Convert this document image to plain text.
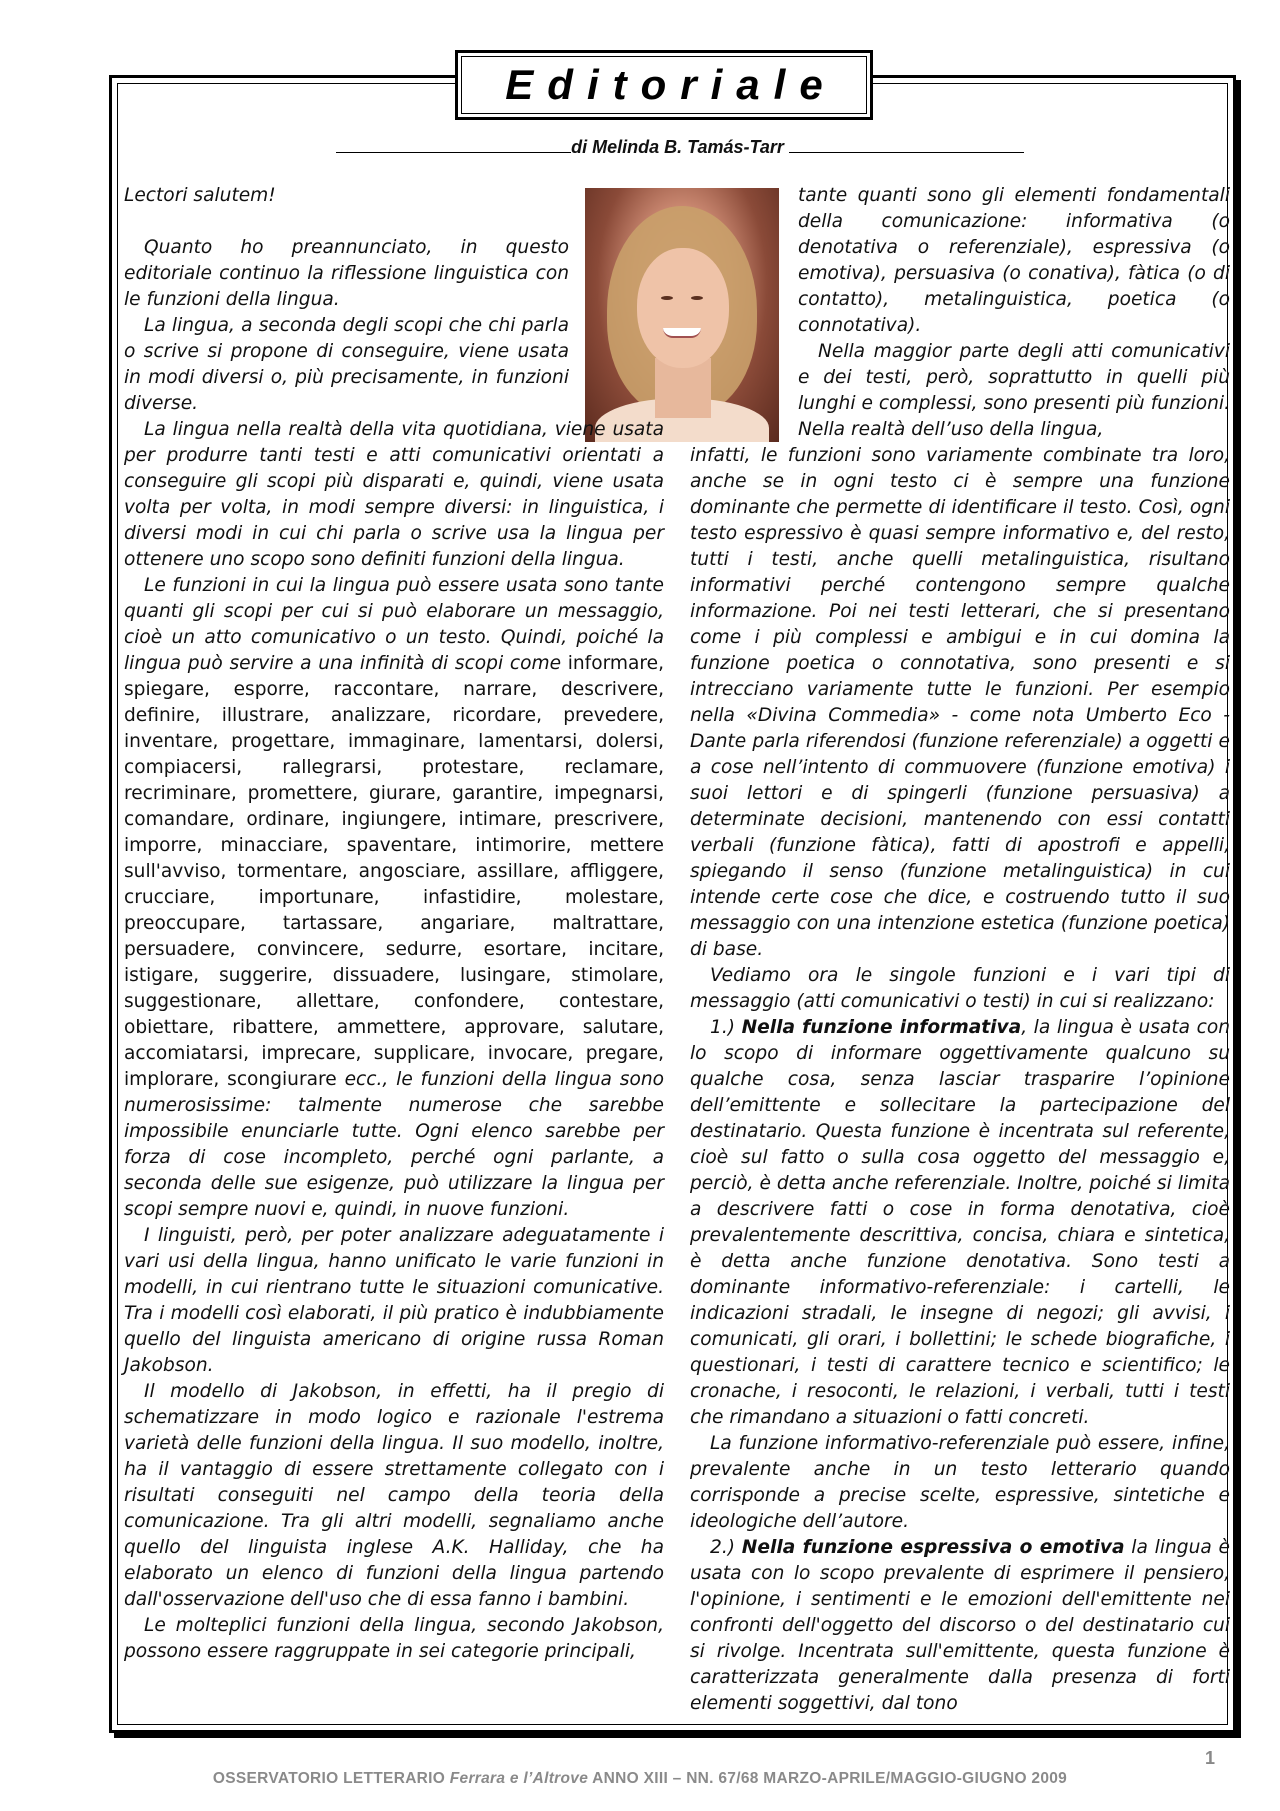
Editoriale
di Melinda B. Tamás-Tarr

Lectori salutem!

Quanto ho preannunciato, in questo editoriale continuo la riflessione linguistica con le funzioni della lingua.

La lingua, a seconda degli scopi che chi parla o scrive si propone di conseguire, viene usata in modi diversi o, più precisamente, in funzioni diverse.

La lingua nella realtà della vita quotidiana, viene usata per produrre tanti testi e atti comunicativi orientati a conseguire gli scopi più disparati e, quindi, viene usata volta per volta, in modi sempre diversi: in linguistica, i diversi modi in cui chi parla o scrive usa la lingua per ottenere uno scopo sono definiti funzioni della lingua.

Le funzioni in cui la lingua può essere usata sono tante quanti gli scopi per cui si può elaborare un messaggio, cioè un atto comunicativo o un testo. Quindi, poiché la lingua può servire a una infinità di scopi come informare, spiegare, esporre, raccontare, narrare, descrivere, definire, illustrare, analizzare, ricordare, prevedere, inventare, progettare, immaginare, lamentarsi, dolersi, compiacersi, rallegrarsi, protestare, reclamare, recriminare, promettere, giurare, garantire, impegnarsi, comandare, ordinare, ingiungere, intimare, prescrivere, imporre, minacciare, spaventare, intimorire, mettere sull'avviso, tormentare, angosciare, assillare, affliggere, crucciare, importunare, infastidire, molestare, preoccupare, tartassare, angariare, maltrattare, persuadere, convincere, sedurre, esortare, incitare, istigare, suggerire, dissuadere, lusingare, stimolare, suggestionare, allettare, confondere, contestare, obiettare, ribattere, ammettere, approvare, salutare, accomiatarsi, imprecare, supplicare, invocare, pregare, implorare, scongiurare ecc., le funzioni della lingua sono numerosissime: talmente numerose che sarebbe impossibile enunciarle tutte. Ogni elenco sarebbe per forza di cose incompleto, perché ogni parlante, a seconda delle sue esigenze, può utilizzare la lingua per scopi sempre nuovi e, quindi, in nuove funzioni.

I linguisti, però, per poter analizzare adeguatamente i vari usi della lingua, hanno unificato le varie funzioni in modelli, in cui rientrano tutte le situazioni comunicative. Tra i modelli così elaborati, il più pratico è indubbiamente quello del linguista americano di origine russa Roman Jakobson.

Il modello di Jakobson, in effetti, ha il pregio di schematizzare in modo logico e razionale l'estrema varietà delle funzioni della lingua. Il suo modello, inoltre, ha il vantaggio di essere strettamente collegato con i risultati conseguiti nel campo della teoria della comunicazione. Tra gli altri modelli, segnaliamo anche quello del linguista inglese A.K. Halliday, che ha elaborato un elenco di funzioni della lingua partendo dall'osservazione dell'uso che di essa fanno i bambini.

Le molteplici funzioni della lingua, secondo Jakobson, possono essere raggruppate in sei categorie principali,

tante quanti sono gli elementi fondamentali della comunicazione: informativa (o denotativa o referenziale), espressiva (o emotiva), persuasiva (o conativa), fàtica (o di contatto), metalinguistica, poetica (o connotativa).

Nella maggior parte degli atti comunicativi e dei testi, però, soprattutto in quelli più lunghi e complessi, sono presenti più funzioni. Nella realtà dell’uso della lingua,

infatti, le funzioni sono variamente combinate tra loro, anche se in ogni testo ci è sempre una funzione dominante che permette di identificare il testo. Così, ogni testo espressivo è quasi sempre informativo e, del resto, tutti i testi, anche quelli metalinguistica, risultano informativi perché contengono sempre qualche informazione. Poi nei testi letterari, che si presentano come i più complessi e ambigui e in cui domina la funzione poetica o connotativa, sono presenti e si intrecciano variamente tutte le funzioni. Per esempio nella «Divina Commedia» - come nota Umberto Eco - Dante parla riferendosi (funzione referenziale) a oggetti e a cose nell’intento di commuovere (funzione emotiva) i suoi lettori e di spingerli (funzione persuasiva) a determinate decisioni, mantenendo con essi contatti verbali (funzione fàtica), fatti di apostrofi e appelli, spiegando il senso (funzione metalinguistica) in cui intende certe cose che dice, e costruendo tutto il suo messaggio con una intenzione estetica (funzione poetica) di base.

Vediamo ora le singole funzioni e i vari tipi di messaggio (atti comunicativi o testi) in cui si realizzano:

1.) Nella funzione informativa, la lingua è usata con lo scopo di informare oggettivamente qualcuno su qualche cosa, senza lasciar trasparire l’opinione dell’emittente e sollecitare la partecipazione del destinatario. Questa funzione è incentrata sul referente, cioè sul fatto o sulla cosa oggetto del messaggio e, perciò, è detta anche referenziale. Inoltre, poiché si limita a descrivere fatti o cose in forma denotativa, cioè prevalentemente descrittiva, concisa, chiara e sintetica, è detta anche funzione denotativa. Sono testi a dominante informativo-referenziale: i cartelli, le indicazioni stradali, le insegne di negozi; gli avvisi, i comunicati, gli orari, i bollettini; le schede biografiche, i questionari, i testi di carattere tecnico e scientifico; le cronache, i resoconti, le relazioni, i verbali, tutti i testi che rimandano a situazioni o fatti concreti.

La funzione informativo-referenziale può essere, infine, prevalente anche in un testo letterario quando corrisponde a precise scelte, espressive, sintetiche e ideologiche dell’autore.

2.) Nella funzione espressiva o emotiva la lingua è usata con lo scopo prevalente di esprimere il pensiero, l'opinione, i sentimenti e le emozioni dell'emittente nei confronti dell'oggetto del discorso o del destinatario cui si rivolge. Incentrata sull'emittente, questa funzione è caratterizzata generalmente dalla presenza di forti elementi soggettivi, dal tono

1
OSSERVATORIO LETTERARIO Ferrara e l’Altrove ANNO XIII – NN. 67/68 MARZO-APRILE/MAGGIO-GIUGNO 2009
